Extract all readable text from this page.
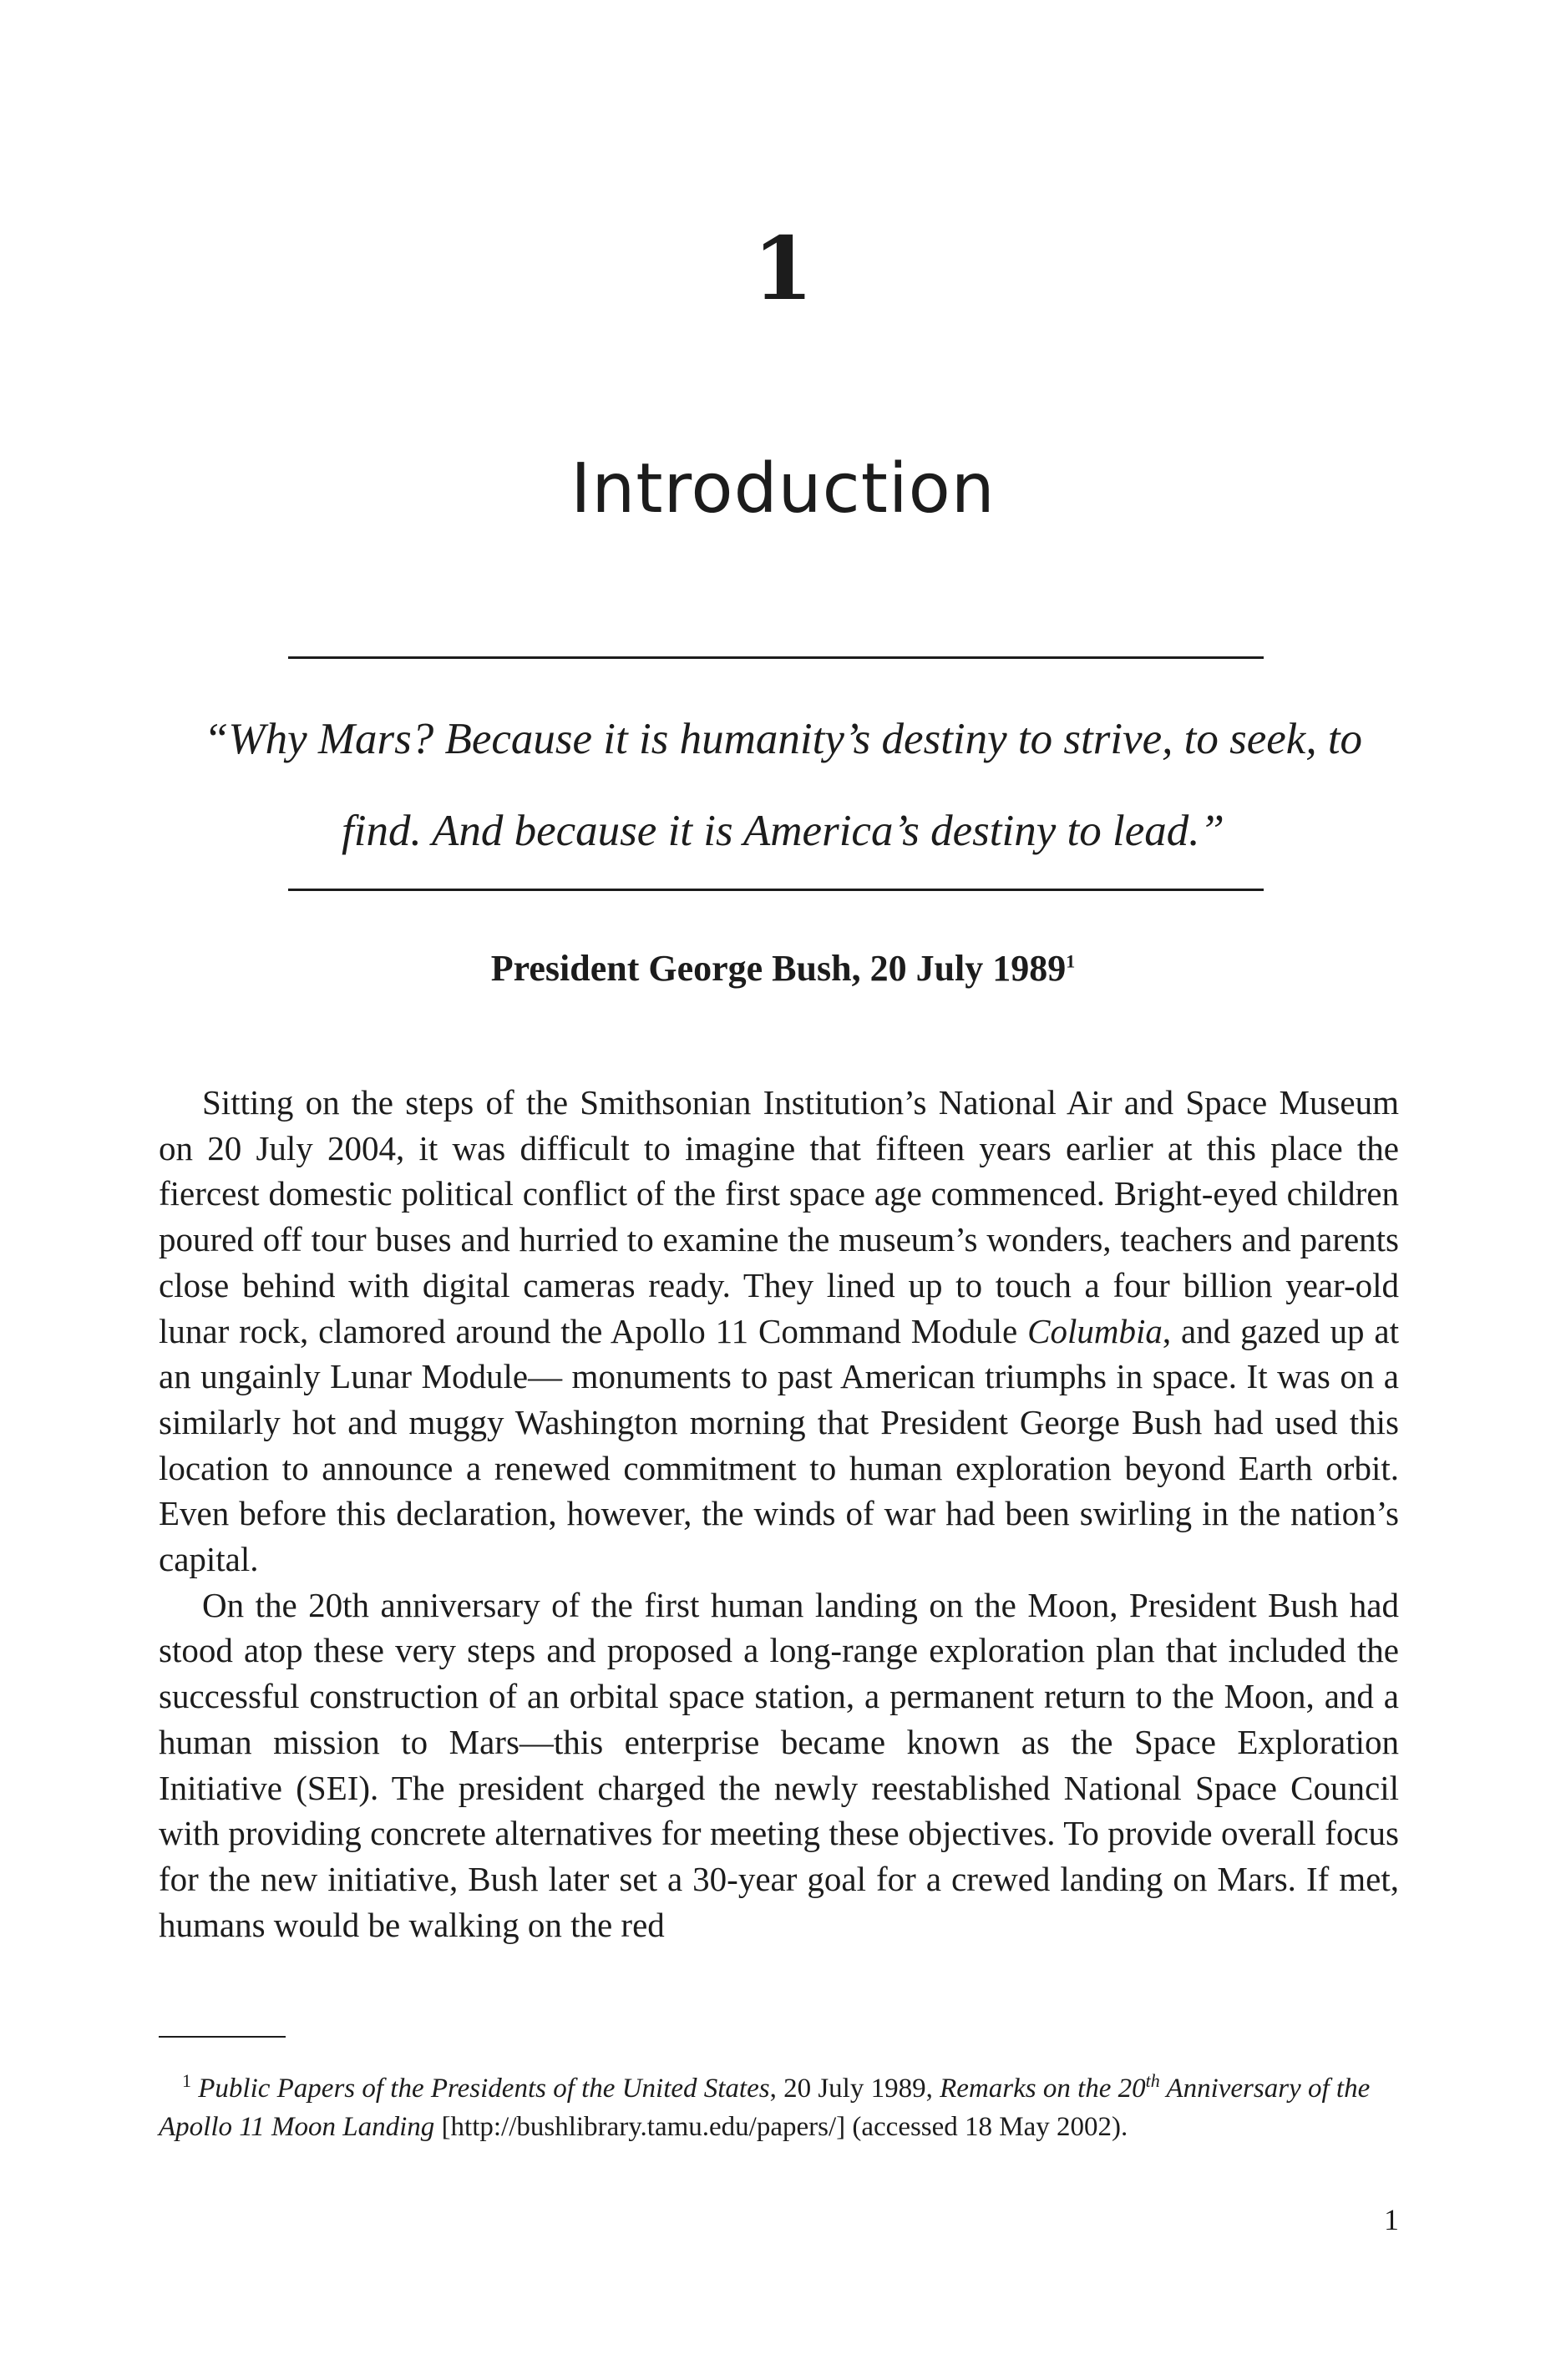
1
Introduction
“Why Mars? Because it is humanity’s destiny to strive, to seek, to find. And because it is America’s destiny to lead.”
President George Bush, 20 July 1989$^1$

Sitting on the steps of the Smithsonian Institution’s National Air and Space Museum on 20 July 2004, it was difficult to imagine that fifteen years earlier at this place the fiercest domestic political conflict of the first space age commenced. Bright-eyed children poured off tour buses and hurried to examine the museum’s wonders, teachers and parents close behind with digital cameras ready. They lined up to touch a four billion year-old lunar rock, clamored around the Apollo 11 Command Module Columbia, and gazed up at an ungainly Lunar Module— monuments to past American triumphs in space. It was on a similarly hot and muggy Washington morning that President George Bush had used this location to announce a renewed commitment to human exploration beyond Earth orbit. Even before this declaration, however, the winds of war had been swirling in the nation’s capital.

On the 20th anniversary of the first human landing on the Moon, President Bush had stood atop these very steps and proposed a long-range exploration plan that included the successful construction of an orbital space station, a permanent return to the Moon, and a human mission to Mars—this enterprise became known as the Space Exploration Initiative (SEI). The president charged the newly reestablished National Space Council with providing concrete alternatives for meeting these objectives. To provide overall focus for the new initiative, Bush later set a 30-year goal for a crewed landing on Mars. If met, humans would be walking on the red

$^1$ Public Papers of the Presidents of the United States, 20 July 1989, Remarks on the 20th Anniversary of the Apollo 11 Moon Landing [http://bushlibrary.tamu.edu/papers/] (accessed 18 May 2002).
1
